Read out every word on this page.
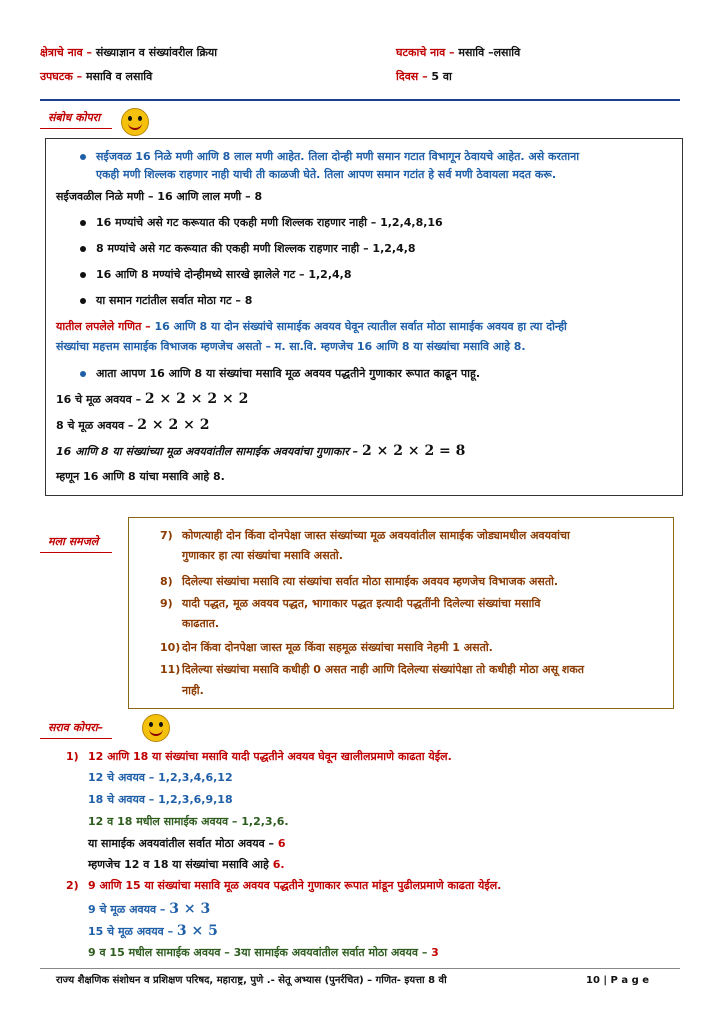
क्षेत्राचे नाव – संख्याज्ञान व संख्यांवरील क्रिया	घटकाचे नाव – मसावि –लसावि
उपघटक – मसावि व लसावि	दिवस – 5 वा
संबोध कोपरा
सईजवळ 16 निळे मणी आणि 8 लाल मणी आहेत. तिला दोन्ही मणी समान गटात विभागून ठेवायचे आहेत. असे करताना
एकही मणी शिल्लक राहणार नाही याची ती काळजी घेते. तिला आपण समान गटांत हे सर्व मणी ठेवायला मदत करू.
सईजवळील निळे मणी – 16 आणि लाल मणी – 8
16 मण्यांचे असे गट करूयात की एकही मणी शिल्लक राहणार नाही – 1,2,4,8,16
8 मण्यांचे असे गट करूयात की एकही मणी शिल्लक राहणार नाही – 1,2,4,8
16 आणि 8 मण्यांचे दोन्हीमध्ये सारखे झालेले गट – 1,2,4,8
या समान गटांतील सर्वात मोठा गट – 8
यातील लपलेले गणित – 16 आणि 8 या दोन संख्यांचे सामाईक अवयव घेवून त्यातील सर्वात मोठा सामाईक अवयव हा त्या दोन्ही
संख्यांचा महत्तम सामाईक विभाजक म्हणजेच असतो – म. सा.वि. म्हणजेच 16 आणि 8 या संख्यांचा मसावि आहे 8.
आता आपण 16 आणि 8 या संख्यांचा मसावि मूळ अवयव पद्धतीने गुणाकार रूपात काढून पाहू.
16 चे मूळ अवयव – 2 × 2 × 2 × 2
8 चे मूळ अवयव – 2 × 2 × 2
16 आणि 8 या संख्यांच्या मूळ अवयवांतील सामाईक अवयवांचा गुणाकार – 2 × 2 × 2 = 8
म्हणून 16 आणि 8 यांचा मसावि आहे 8.
मला समजले	7) कोणत्याही दोन किंवा दोनपेक्षा जास्त संख्यांच्या मूळ अवयवांतील सामाईक जोड्यामधील अवयवांचा
गुणाकार हा त्या संख्यांचा मसावि असतो.
8) दिलेल्या संख्यांचा मसावि त्या संख्यांचा सर्वात मोठा सामाईक अवयव म्हणजेच विभाजक असतो.
9) यादी पद्धत, मूळ अवयव पद्धत, भागाकार पद्धत इत्यादी पद्धतींनी दिलेल्या संख्यांचा मसावि
काढतात.
10) दोन किंवा दोनपेक्षा जास्त मूळ किंवा सहमूळ संख्यांचा मसावि नेहमी 1 असतो.
11) दिलेल्या संख्यांचा मसावि कधीही 0 असत नाही आणि दिलेल्या संख्यांपेक्षा तो कधीही मोठा असू शकत
नाही.
सराव कोपरा–
1) 12 आणि 18 या संख्यांचा मसावि यादी पद्धतीने अवयव घेवून खालीलप्रमाणे काढता येईल.
12 चे अवयव – 1,2,3,4,6,12
18 चे अवयव – 1,2,3,6,9,18
12 व 18 मधील सामाईक अवयव – 1,2,3,6.
या सामाईक अवयवांतील सर्वात मोठा अवयव – 6
म्हणजेच 12 व 18 या संख्यांचा मसावि आहे 6.
2) 9 आणि 15 या संख्यांचा मसावि मूळ अवयव पद्धतीने गुणाकार रूपात मांडून पुढीलप्रमाणे काढता येईल.
9 चे मूळ अवयव – 3 × 3
15 चे मूळ अवयव – 3 × 5
9 व 15 मधील सामाईक अवयव – 3या सामाईक अवयवांतील सर्वात मोठा अवयव – 3
राज्य शैक्षणिक संशोधन व प्रशिक्षण परिषद, महाराष्ट्र, पुणे .- सेतू अभ्यास (पुनर्रचित) – गणित- इयत्ता 8 वी	10 | P a g e
